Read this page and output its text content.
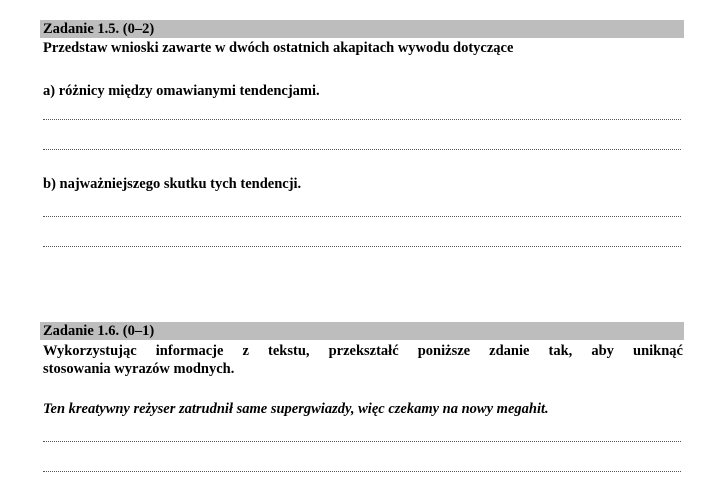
Zadanie 1.5. (0–2)
Przedstaw wnioski zawarte w dwóch ostatnich akapitach wywodu dotyczące
a) różnicy między omawianymi tendencjami.
b) najważniejszego skutku tych tendencji.
Zadanie 1.6. (0–1)
Wykorzystując informacje z tekstu, przekształć poniższe zdanie tak, aby uniknąć
stosowania wyrazów modnych.
Ten kreatywny reżyser zatrudnił same supergwiazdy, więc czekamy na nowy megahit.
